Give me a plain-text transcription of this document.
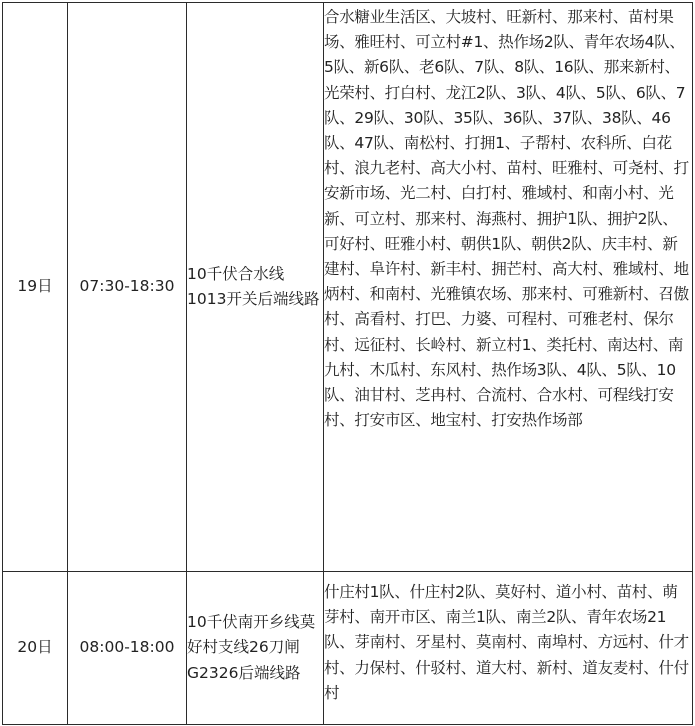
19日	07:30-18:30	10千伏合水线1013开关后端线路	合水糖业生活区、大坡村、旺新村、那来村、苗村果场、雅旺村、可立村#1、热作场2队、青年农场4队、5队、新6队、老6队、7队、8队、16队、那来新村、光荣村、打白村、龙江2队、3队、4队、5队、6队、7队、29队、30队、35队、36队、37队、38队、46队、47队、南松村、打拥1、子帮村、农科所、白花村、浪九老村、高大小村、苗村、旺雅村、可尧村、打安新市场、光二村、白打村、雅域村、和南小村、光新、可立村、那来村、海燕村、拥护1队、拥护2队、可好村、旺雅小村、朝供1队、朝供2队、庆丰村、新建村、阜许村、新丰村、拥芒村、高大村、雅域村、地炳村、和南村、光雅镇农场、那来村、可雅新村、召傲村、高看村、打巴、力婆、可程村、可雅老村、保尔村、远征村、长岭村、新立村1、类托村、南达村、南九村、木瓜村、东风村、热作场3队、4队、5队、10队、油甘村、芝冉村、合流村、合水村、可程线打安村、打安市区、地宝村、打安热作场部
20日	08:00-18:00	10千伏南开乡线莫好村支线26刀闸G2326后端线路	什庄村1队、什庄村2队、莫好村、道小村、苗村、萌芽村、南开市区、南兰1队、南兰2队、青年农场21队、芽南村、牙星村、莫南村、南埠村、方远村、什才村、力保村、什驳村、道大村、新村、道友麦村、什付村
